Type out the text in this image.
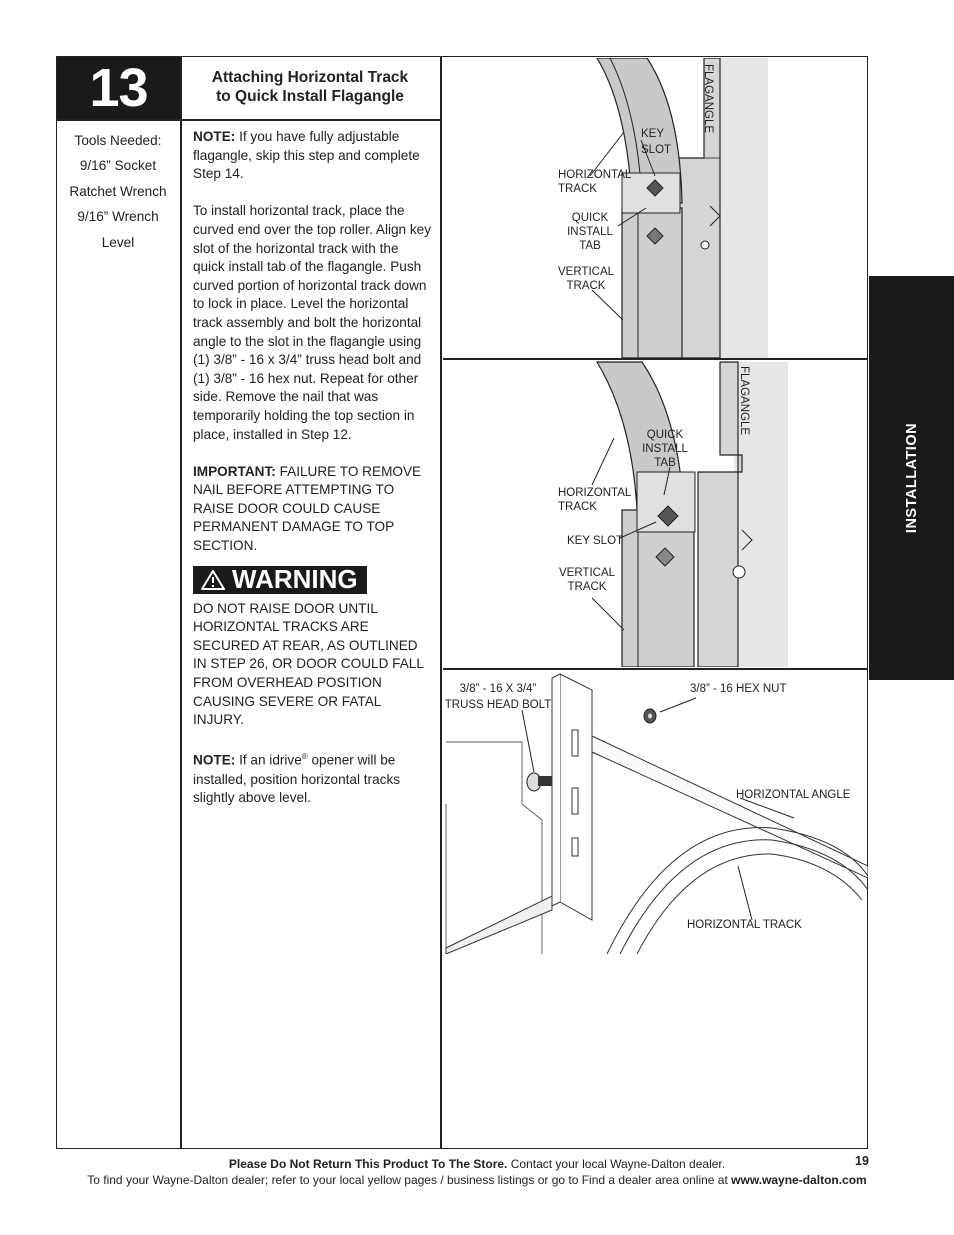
13	Attaching Horizontal Track
to Quick Install Flagangle
Tools Needed:
9/16” Socket
Ratchet Wrench
9/16” Wrench
Level

NOTE: If you have fully adjustable flagangle, skip this step and complete Step 14.

To install horizontal track, place the curved end over the top roller. Align key slot of the horizontal track with the quick install tab of the flagangle. Push curved portion of horizontal track down to lock in place. Level the horizontal track assembly and bolt the horizontal angle to the slot in the flagangle using (1) 3/8” - 16 x 3/4” truss head bolt and (1) 3/8” - 16 hex nut. Repeat for other side. Remove the nail that was temporarily holding the top section in place, installed in Step 12.

IMPORTANT: FAILURE TO REMOVE NAIL BEFORE ATTEMPTING TO RAISE DOOR COULD CAUSE PERMANENT DAMAGE TO TOP SECTION.

WARNING

DO NOT RAISE DOOR UNTIL HORIZONTAL TRACKS ARE SECURED AT REAR, AS OUTLINED IN STEP 26, OR DOOR COULD FALL FROM OVERHEAD POSITION CAUSING SEVERE OR FATAL INJURY.

NOTE: If an idrive® opener will be installed, position horizontal tracks slightly above level.

FLAGANGLE
KEY
SLOT
HORIZONTAL
TRACK
QUICK
INSTALL
TAB
VERTICAL
TRACK
FLAGANGLE
QUICK
INSTALL
TAB
HORIZONTAL
TRACK
KEY SLOT
VERTICAL
TRACK
3/8” - 16 X 3/4”
TRUSS HEAD BOLT
3/8” - 16 HEX NUT
HORIZONTAL ANGLE
HORIZONTAL TRACK
INSTALLATION
Please Do Not Return This Product To The Store. Contact your local Wayne-Dalton dealer.
To find your Wayne-Dalton dealer; refer to your local yellow pages / business listings or go to Find a dealer area online at www.wayne-dalton.com
19
